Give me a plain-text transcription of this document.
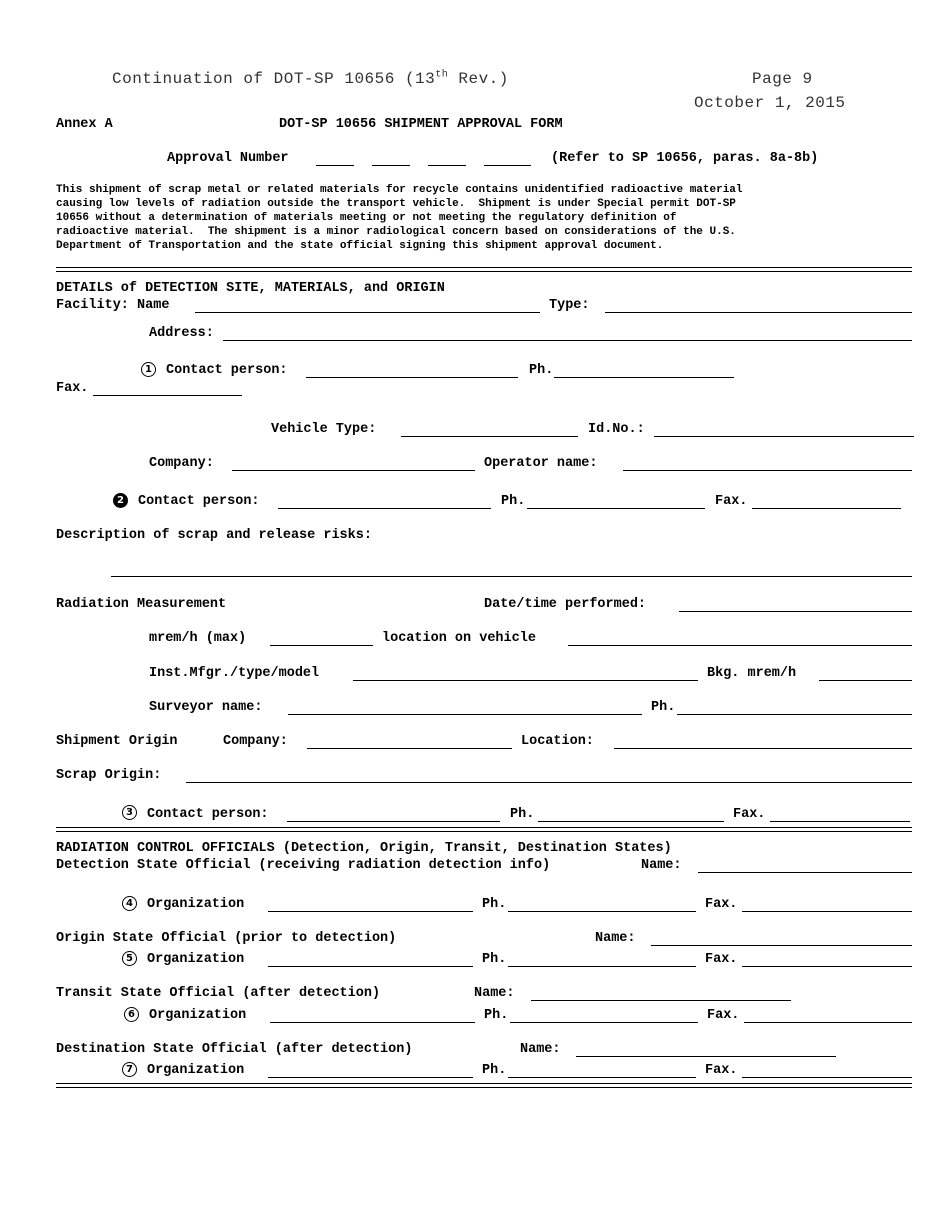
Continuation of DOT-SP 10656 (13th Rev.)	Page 9
October 1, 2015
Annex A	DOT-SP 10656 SHIPMENT APPROVAL FORM
Approval Number	(Refer to SP 10656, paras. 8a-8b)
This shipment of scrap metal or related materials for recycle contains unidentified radioactive material
causing low levels of radiation outside the transport vehicle.  Shipment is under Special permit DOT-SP
10656 without a determination of materials meeting or not meeting the regulatory definition of
radioactive material.  The shipment is a minor radiological concern based on considerations of the U.S.
Department of Transportation and the state official signing this shipment approval document.
DETAILS of DETECTION SITE, MATERIALS, and ORIGIN
Facility: Name	Type:
Address:
1 Contact person:	Ph.
Fax.
Vehicle Type:	Id.No.:
Company:	Operator name:
2 Contact person:	Ph.	Fax.
Description of scrap and release risks:
Radiation Measurement	Date/time performed:
mrem/h (max)	location on vehicle
Inst.Mfgr./type/model	Bkg. mrem/h
Surveyor name:	Ph.
Shipment Origin	Company:	Location:
Scrap Origin:
3 Contact person:	Ph.	Fax.
RADIATION CONTROL OFFICIALS (Detection, Origin, Transit, Destination States)
Detection State Official (receiving radiation detection info)	Name:
4 Organization	Ph.	Fax.
Origin State Official (prior to detection)	Name:
5 Organization	Ph.	Fax.
Transit State Official (after detection)	Name:
6 Organization	Ph.	Fax.
Destination State Official (after detection)	Name:
7 Organization	Ph.	Fax.
